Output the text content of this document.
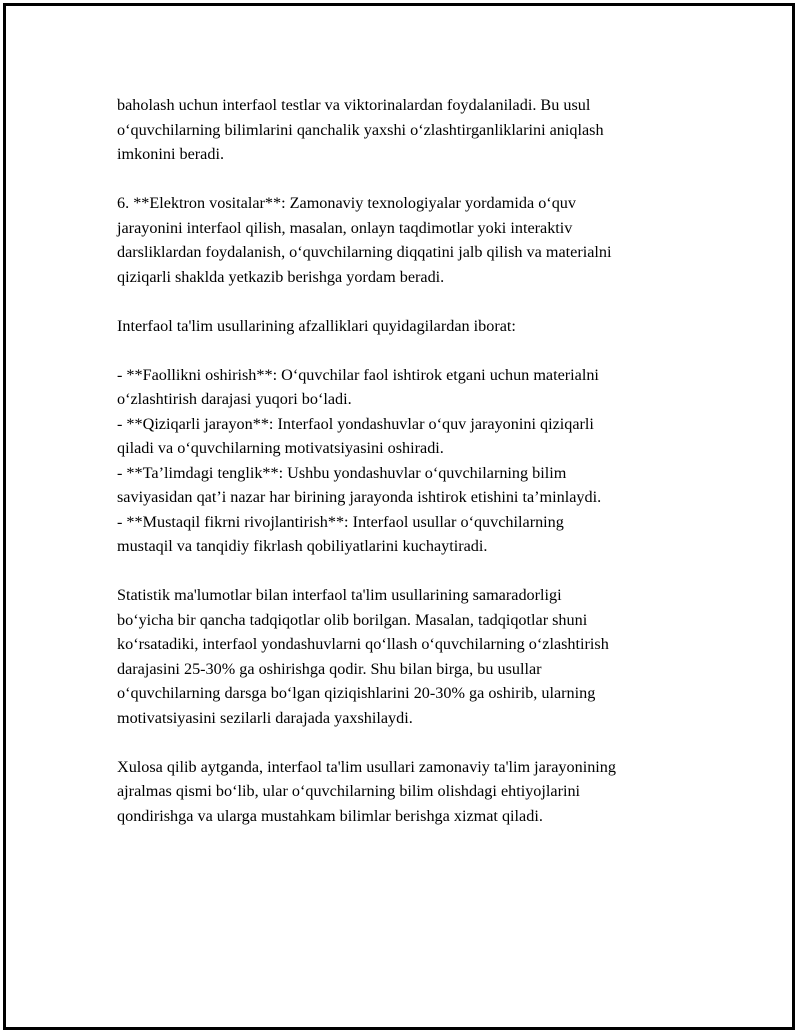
baholash uchun interfaol testlar va viktorinalardan foydalaniladi. Bu usul
o‘quvchilarning bilimlarini qanchalik yaxshi o‘zlashtirganliklarini aniqlash
imkonini beradi.

6. **Elektron vositalar**: Zamonaviy texnologiyalar yordamida o‘quv
jarayonini interfaol qilish, masalan, onlayn taqdimotlar yoki interaktiv
darsliklardan foydalanish, o‘quvchilarning diqqatini jalb qilish va materialni
qiziqarli shaklda yetkazib berishga yordam beradi.

Interfaol ta'lim usullarining afzalliklari quyidagilardan iborat:

- **Faollikni oshirish**: O‘quvchilar faol ishtirok etgani uchun materialni
o‘zlashtirish darajasi yuqori bo‘ladi.
- **Qiziqarli jarayon**: Interfaol yondashuvlar o‘quv jarayonini qiziqarli
qiladi va o‘quvchilarning motivatsiyasini oshiradi.
- **Ta’limdagi tenglik**: Ushbu yondashuvlar o‘quvchilarning bilim
saviyasidan qat’i nazar har birining jarayonda ishtirok etishini ta’minlaydi.
- **Mustaqil fikrni rivojlantirish**: Interfaol usullar o‘quvchilarning
mustaqil va tanqidiy fikrlash qobiliyatlarini kuchaytiradi.

Statistik ma'lumotlar bilan interfaol ta'lim usullarining samaradorligi
bo‘yicha bir qancha tadqiqotlar olib borilgan. Masalan, tadqiqotlar shuni
ko‘rsatadiki, interfaol yondashuvlarni qo‘llash o‘quvchilarning o‘zlashtirish
darajasini 25-30% ga oshirishga qodir. Shu bilan birga, bu usullar
o‘quvchilarning darsga bo‘lgan qiziqishlarini 20-30% ga oshirib, ularning
motivatsiyasini sezilarli darajada yaxshilaydi.

Xulosa qilib aytganda, interfaol ta'lim usullari zamonaviy ta'lim jarayonining
ajralmas qismi bo‘lib, ular o‘quvchilarning bilim olishdagi ehtiyojlarini
qondirishga va ularga mustahkam bilimlar berishga xizmat qiladi.
